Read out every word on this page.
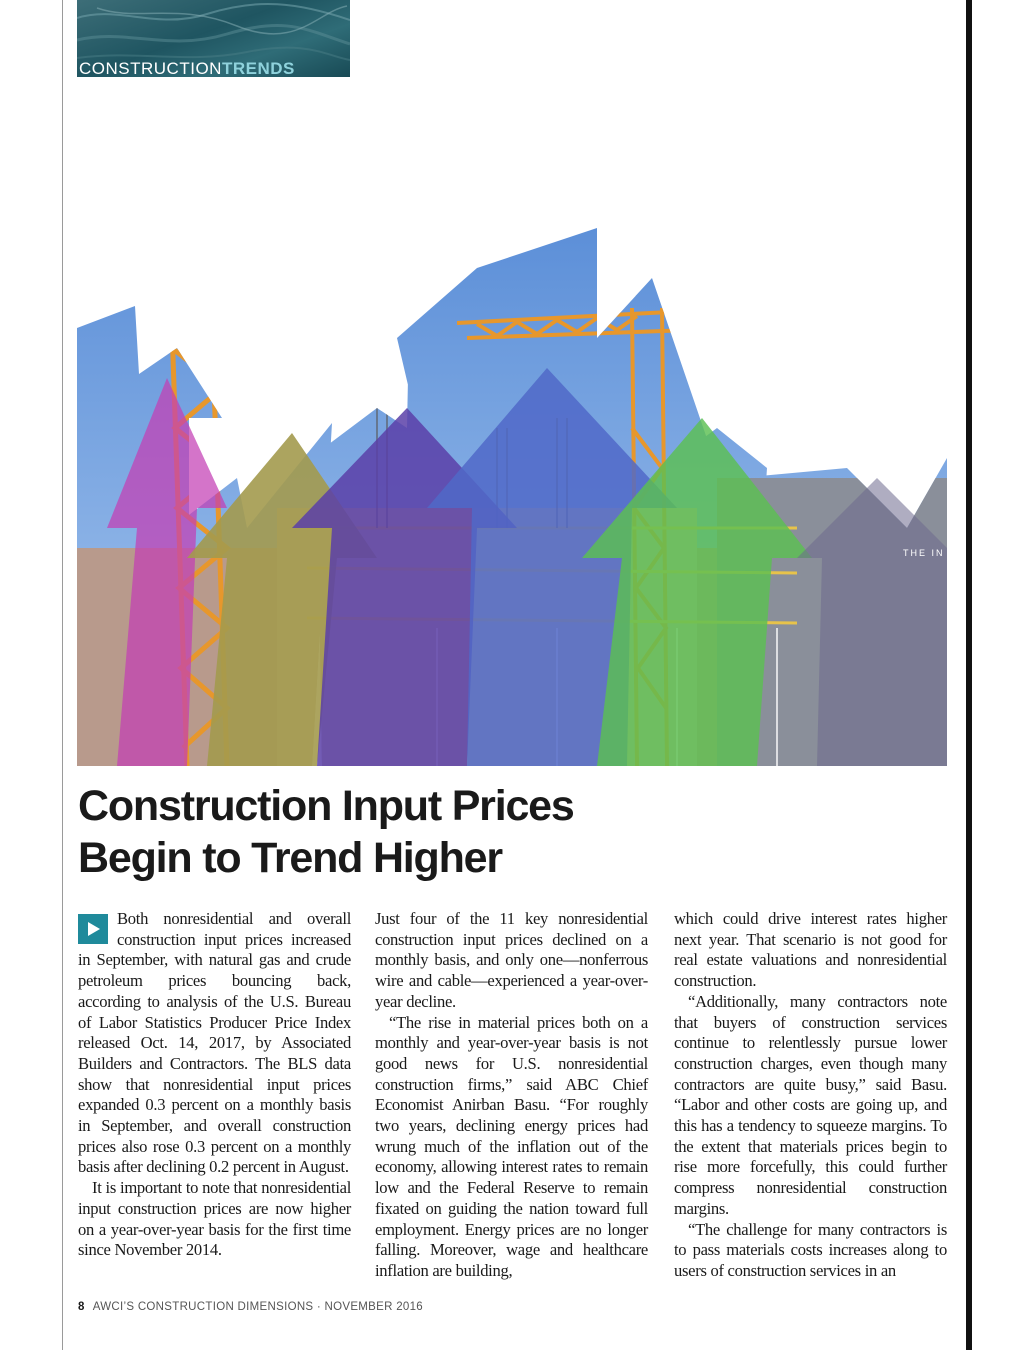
CONSTRUCTIONTRENDS
THE IN
Construction Input Prices
Begin to Trend Higher

Both nonresidential and overall construction input prices increased in September, with natural gas and crude petroleum prices bouncing back, according to analysis of the U.S. Bureau of Labor Statistics Producer Price Index released Oct. 14, 2017, by Associated Builders and Contractors. The BLS data show that nonresidential input prices expanded 0.3 percent on a monthly basis in September, and overall construction prices also rose 0.3 percent on a monthly basis after declining 0.2 percent in August.

It is important to note that nonresidential input construction prices are now higher on a year-over-year basis for the first time since November 2014.

Just four of the 11 key nonresidential construction input prices declined on a monthly basis, and only one—nonferrous wire and cable—experienced a year-over-year decline.

“The rise in material prices both on a monthly and year-over-year basis is not good news for U.S. nonresidential construction firms,” said ABC Chief Economist Anirban Basu. “For roughly two years, declining energy prices had wrung much of the inflation out of the economy, allowing interest rates to remain low and the Federal Reserve to remain fixated on guiding the nation toward full employment. Energy prices are no longer falling. Moreover, wage and healthcare inflation are building,

which could drive interest rates higher next year. That scenario is not good for real estate valuations and nonresidential construction.

“Additionally, many contractors note that buyers of construction services continue to relentlessly pursue lower construction charges, even though many contractors are quite busy,” said Basu. “Labor and other costs are going up, and this has a tendency to squeeze margins. To the extent that materials prices begin to rise more forcefully, this could further compress nonresidential construction margins.

“The challenge for many contractors is to pass materials costs increases along to users of construction services in an

8 AWCI’S CONSTRUCTION DIMENSIONS · NOVEMBER 2016
